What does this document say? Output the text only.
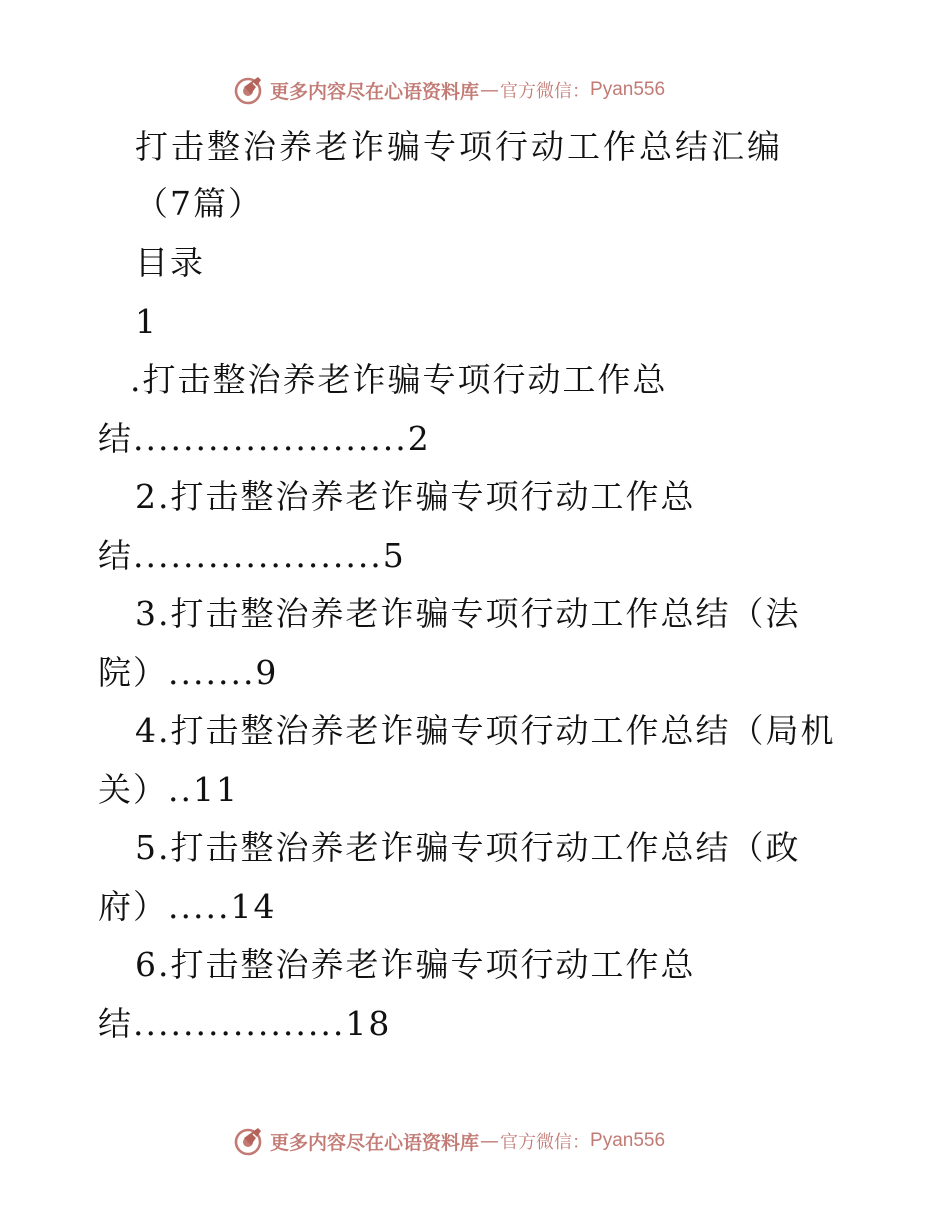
更多内容尽在心语资料库 — 官方微信： Pyan556
打击整治养老诈骗专项行动工作总结汇编
（7篇）
目录
1
.打击整治养老诈骗专项行动工作总
结......................2
2.打击整治养老诈骗专项行动工作总
结....................5
3.打击整治养老诈骗专项行动工作总结（法
院）.......9
4.打击整治养老诈骗专项行动工作总结（局机
关）..11
5.打击整治养老诈骗专项行动工作总结（政
府）.....14
6.打击整治养老诈骗专项行动工作总
结.................18
更多内容尽在心语资料库 — 官方微信： Pyan556
